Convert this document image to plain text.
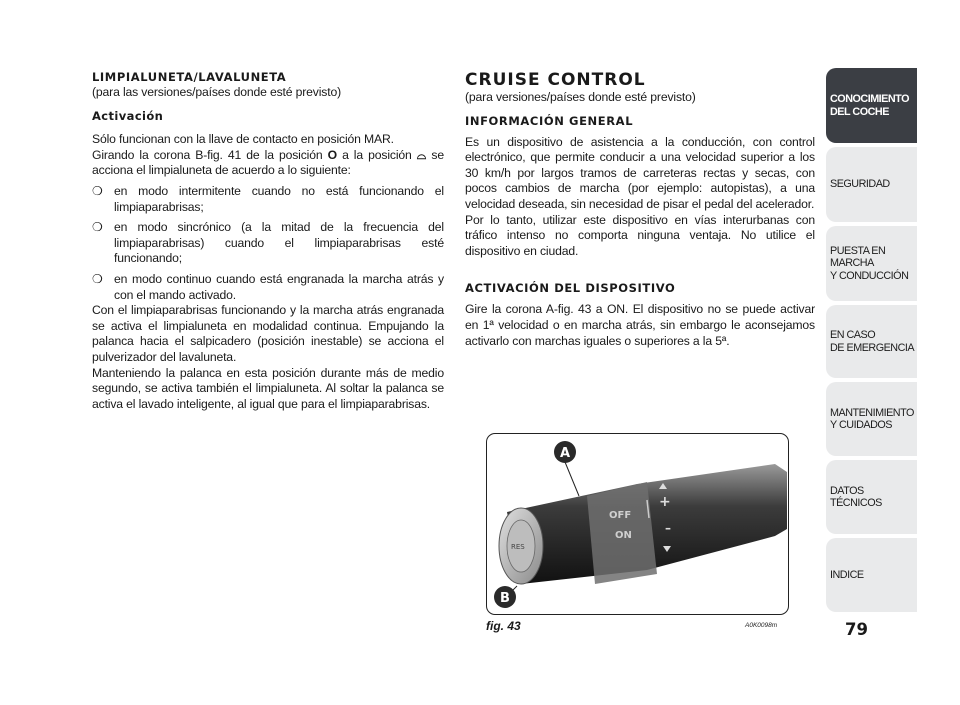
LIMPIALUNETA/LAVALUNETA
(para las versiones/países donde esté previsto)
Activación
Sólo funcionan con la llave de contacto en posición MAR.
Girando la corona B-fig. 41 de la posición O a la posición ⌓ se acciona el limpialuneta de acuerdo a lo siguiente:
❍ en modo intermitente cuando no está funcionando el limpiaparabrisas;
❍ en modo sincrónico (a la mitad de la frecuencia del limpiaparabrisas) cuando el limpiaparabrisas esté funcionando;
❍ en modo continuo cuando está engranada la marcha atrás y con el mando activado.
Con el limpiaparabrisas funcionando y la marcha atrás engranada se activa el limpialuneta en modalidad continua. Empujando la palanca hacia el salpicadero (posición inestable) se acciona el pulverizador del lavaluneta.
Manteniendo la palanca en esta posición durante más de medio segundo, se activa también el limpialuneta. Al soltar la palanca se activa el lavado inteligente, al igual que para el limpiaparabrisas.
CRUISE CONTROL
(para versiones/países donde esté previsto)
INFORMACIÓN GENERAL
Es un dispositivo de asistencia a la conducción, con control electrónico, que permite conducir a una velocidad superior a los 30 km/h por largos tramos de carreteras rectas y secas, con pocos cambios de marcha (por ejemplo: autopistas), a una velocidad deseada, sin necesidad de pisar el pedal del acelerador.
Por lo tanto, utilizar este dispositivo en vías interurbanas con tráfico intenso no comporta ninguna ventaja. No utilice el dispositivo en ciudad.
ACTIVACIÓN DEL DISPOSITIVO
Gire la corona A-fig. 43 a ON. El dispositivo no se puede activar en 1ª velocidad o en marcha atrás, sin embargo le aconsejamos activarlo con marchas iguales o superiores a la 5ª.
RES
OFF
ON
+
–
A
B
fig. 43	A0K0098m
CONOCIMIENTO
DEL COCHE
SEGURIDAD
PUESTA EN MARCHA
Y CONDUCCIÓN
EN CASO
DE EMERGENCIA
MANTENIMIENTO
Y CUIDADOS
DATOS TÉCNICOS
INDICE
79
